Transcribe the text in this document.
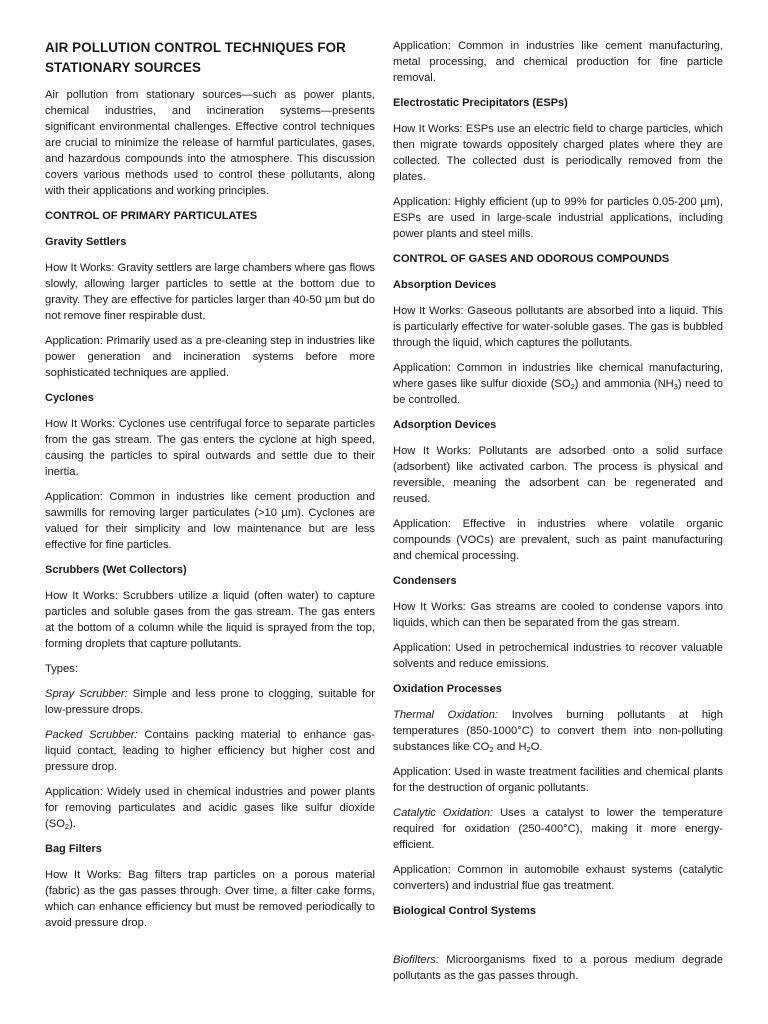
AIR POLLUTION CONTROL TECHNIQUES FOR STATIONARY SOURCES

Air pollution from stationary sources—such as power plants, chemical industries, and incineration systems—presents significant environmental challenges. Effective control techniques are crucial to minimize the release of harmful particulates, gases, and hazardous compounds into the atmosphere. This discussion covers various methods used to control these pollutants, along with their applications and working principles.

CONTROL OF PRIMARY PARTICULATES
Gravity Settlers

How It Works: Gravity settlers are large chambers where gas flows slowly, allowing larger particles to settle at the bottom due to gravity. They are effective for particles larger than 40-50 µm but do not remove finer respirable dust.

Application: Primarily used as a pre-cleaning step in industries like power generation and incineration systems before more sophisticated techniques are applied.

Cyclones

How It Works: Cyclones use centrifugal force to separate particles from the gas stream. The gas enters the cyclone at high speed, causing the particles to spiral outwards and settle due to their inertia.

Application: Common in industries like cement production and sawmills for removing larger particulates (>10 µm). Cyclones are valued for their simplicity and low maintenance but are less effective for fine particles.

Scrubbers (Wet Collectors)

How It Works: Scrubbers utilize a liquid (often water) to capture particles and soluble gases from the gas stream. The gas enters at the bottom of a column while the liquid is sprayed from the top, forming droplets that capture pollutants.

Types:

Spray Scrubber: Simple and less prone to clogging, suitable for low-pressure drops.

Packed Scrubber: Contains packing material to enhance gas-liquid contact, leading to higher efficiency but higher cost and pressure drop.

Application: Widely used in chemical industries and power plants for removing particulates and acidic gases like sulfur dioxide $(SO_2)$.

Bag Filters

How It Works: Bag filters trap particles on a porous material (fabric) as the gas passes through. Over time, a filter cake forms, which can enhance efficiency but must be removed periodically to avoid pressure drop.

Application: Common in industries like cement manufacturing, metal processing, and chemical production for fine particle removal.

Electrostatic Precipitators (ESPs)

How It Works: ESPs use an electric field to charge particles, which then migrate towards oppositely charged plates where they are collected. The collected dust is periodically removed from the plates.

Application: Highly efficient (up to 99% for particles 0.05-200 µm), ESPs are used in large-scale industrial applications, including power plants and steel mills.

CONTROL OF GASES AND ODOROUS COMPOUNDS
Absorption Devices

How It Works: Gaseous pollutants are absorbed into a liquid. This is particularly effective for water-soluble gases. The gas is bubbled through the liquid, which captures the pollutants.

Application: Common in industries like chemical manufacturing, where gases like sulfur dioxide $(SO_2)$ and ammonia $(NH_3)$ need to be controlled.

Adsorption Devices

How It Works: Pollutants are adsorbed onto a solid surface (adsorbent) like activated carbon. The process is physical and reversible, meaning the adsorbent can be regenerated and reused.

Application: Effective in industries where volatile organic compounds (VOCs) are prevalent, such as paint manufacturing and chemical processing.

Condensers

How It Works: Gas streams are cooled to condense vapors into liquids, which can then be separated from the gas stream.

Application: Used in petrochemical industries to recover valuable solvents and reduce emissions.

Oxidation Processes

Thermal Oxidation: Involves burning pollutants at high temperatures (850-1000°C) to convert them into non-polluting substances like $CO_2$ and $H_2O$.

Application: Used in waste treatment facilities and chemical plants for the destruction of organic pollutants.

Catalytic Oxidation: Uses a catalyst to lower the temperature required for oxidation (250-400°C), making it more energy-efficient.

Application: Common in automobile exhaust systems (catalytic converters) and industrial flue gas treatment.

Biological Control Systems

Biofilters: Microorganisms fixed to a porous medium degrade pollutants as the gas passes through.
